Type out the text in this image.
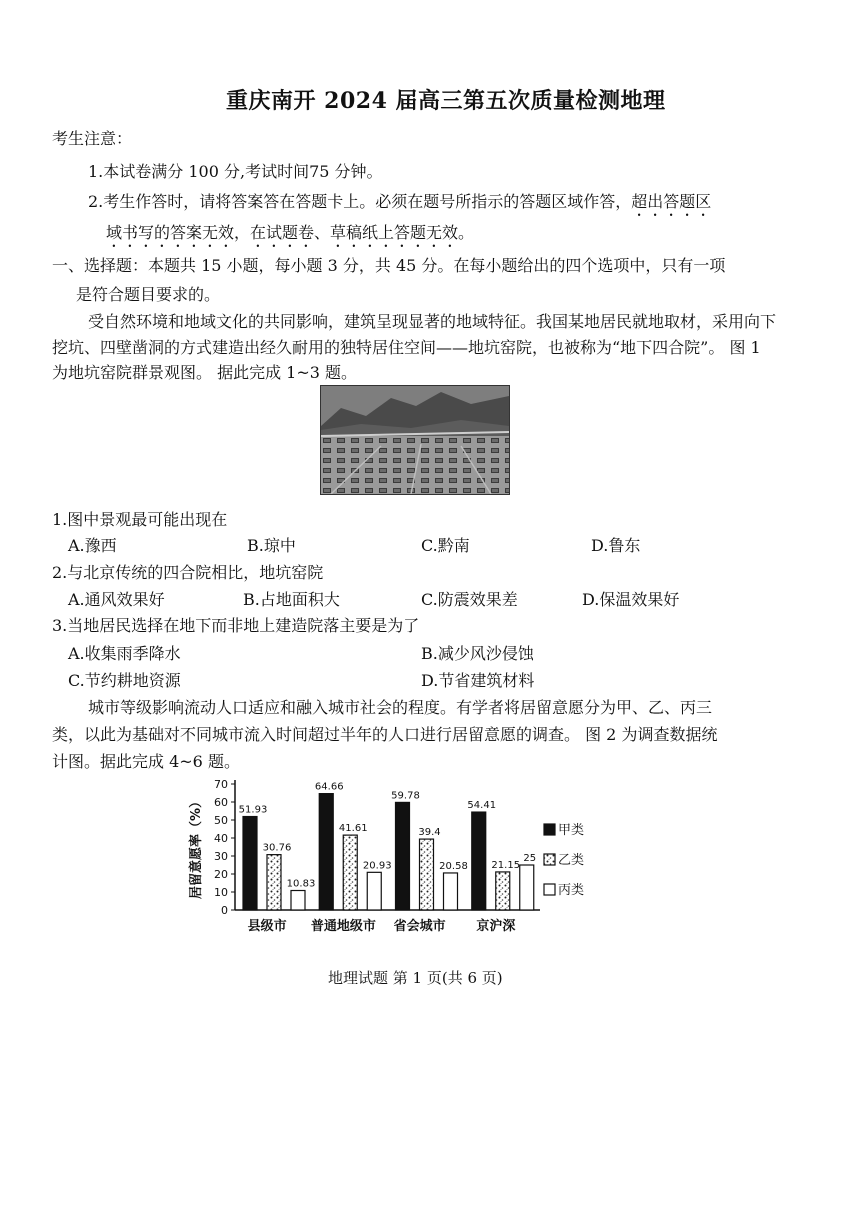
重庆南开 2024 届高三第五次质量检测地理
考生注意：
1.本试卷满分 100 分,考试时间75 分钟。
2.考生作答时，请将答案答在答题卡上。必须在题号所指示的答题区域作答，超出答题区
域书写的答案无效，在试题卷、草稿纸上答题无效。
一、选择题：本题共 15 小题，每小题 3 分，共 45 分。在每小题给出的四个选项中，只有一项
是符合题目要求的。
受自然环境和地域文化的共同影响，建筑呈现显著的地域特征。我国某地居民就地取材，采用向下
挖坑、四壁凿洞的方式建造出经久耐用的独特居住空间——地坑窑院，也被称为“地下四合院”。 图 1
为地坑窑院群景观图。 据此完成 1~3 题。
1.图中景观最可能出现在
A.豫西	B.琼中	C.黔南	D.鲁东
2.与北京传统的四合院相比，地坑窑院
A.通风效果好	B.占地面积大	C.防震效果差	D.保温效果好
3.当地居民选择在地下而非地上建造院落主要是为了
A.收集雨季降水	B.减少风沙侵蚀
C.节约耕地资源	D.节省建筑材料
城市等级影响流动人口适应和融入城市社会的程度。有学者将居留意愿分为甲、乙、丙三
类，以此为基础对不同城市流入时间超过半年的人口进行居留意愿的调查。 图 2 为调查数据统
计图。据此完成 4~6 题。
0
10
20
30
40
50
60
70
居留意愿率（%）	51.93
30.76
10.83
县级市
64.66
41.61
20.93
普通地级市
59.78
39.4
20.58
省会城市
54.41
21.15
25
京沪深
甲类
乙类
丙类
地理试题 第 1 页(共 6 页)
